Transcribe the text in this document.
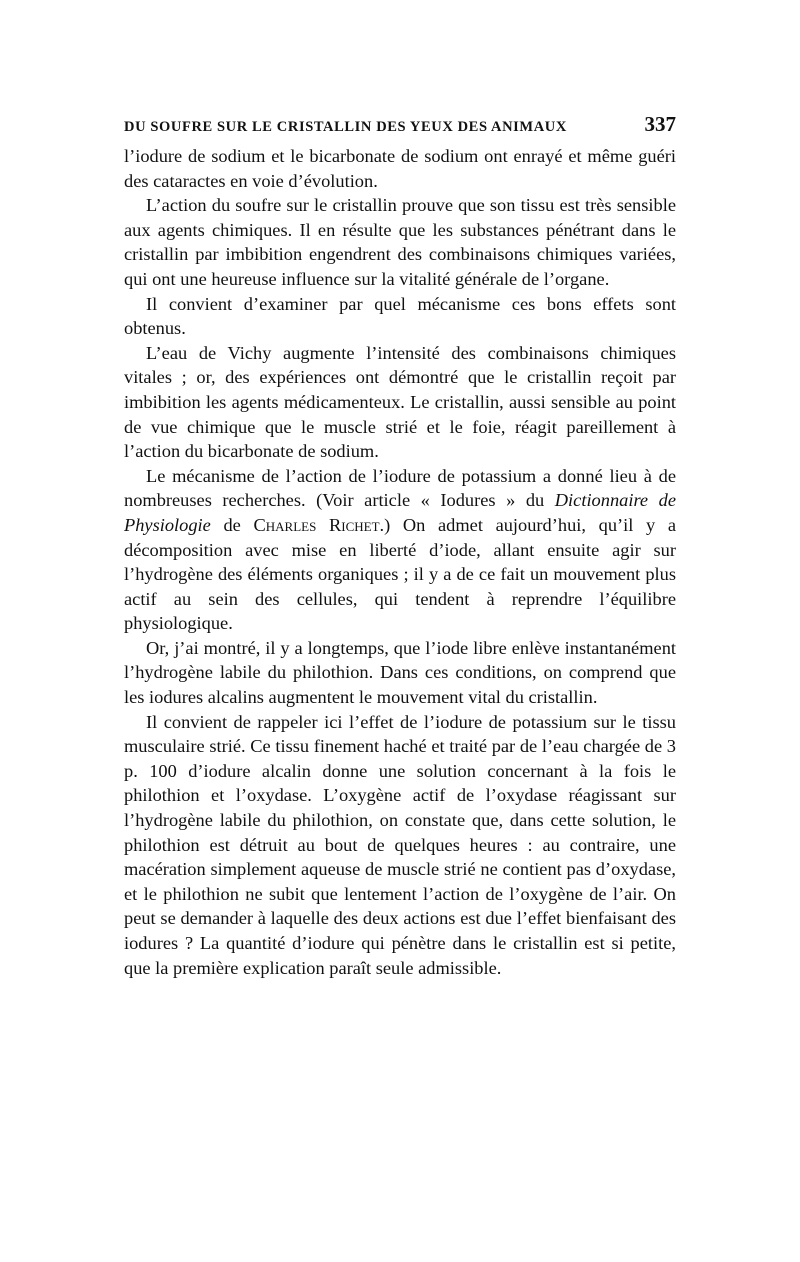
DU SOUFRE SUR LE CRISTALLIN DES YEUX DES ANIMAUX	337

l’iodure de sodium et le bicarbonate de sodium ont enrayé et même guéri des cataractes en voie d’évolution.

L’action du soufre sur le cristallin prouve que son tissu est très sensible aux agents chimiques. Il en résulte que les substances pénétrant dans le cristallin par imbibition engendrent des combinaisons chimiques variées, qui ont une heureuse influence sur la vitalité générale de l’organe.

Il convient d’examiner par quel mécanisme ces bons effets sont obtenus.

L’eau de Vichy augmente l’intensité des combinaisons chimiques vitales ; or, des expériences ont démontré que le cristallin reçoit par imbibition les agents médicamenteux. Le cristallin, aussi sensible au point de vue chimique que le muscle strié et le foie, réagit pareillement à l’action du bicarbonate de sodium.

Le mécanisme de l’action de l’iodure de potassium a donné lieu à de nombreuses recherches. (Voir article « Iodures » du Dictionnaire de Physiologie de Charles Richet.) On admet aujourd’hui, qu’il y a décomposition avec mise en liberté d’iode, allant ensuite agir sur l’hydrogène des éléments organiques ; il y a de ce fait un mouvement plus actif au sein des cellules, qui tendent à reprendre l’équilibre physiologique.

Or, j’ai montré, il y a longtemps, que l’iode libre enlève instantanément l’hydrogène labile du philothion. Dans ces conditions, on comprend que les iodures alcalins augmentent le mouvement vital du cristallin.

Il convient de rappeler ici l’effet de l’iodure de potassium sur le tissu musculaire strié. Ce tissu finement haché et traité par de l’eau chargée de 3 p. 100 d’iodure alcalin donne une solution concernant à la fois le philothion et l’oxydase. L’oxygène actif de l’oxydase réagissant sur l’hydrogène labile du philothion, on constate que, dans cette solution, le philothion est détruit au bout de quelques heures : au contraire, une macération simplement aqueuse de muscle strié ne contient pas d’oxydase, et le philothion ne subit que lentement l’action de l’oxygène de l’air. On peut se demander à laquelle des deux actions est due l’effet bienfaisant des iodures ? La quantité d’iodure qui pénètre dans le cristallin est si petite, que la première explication paraît seule admissible.
